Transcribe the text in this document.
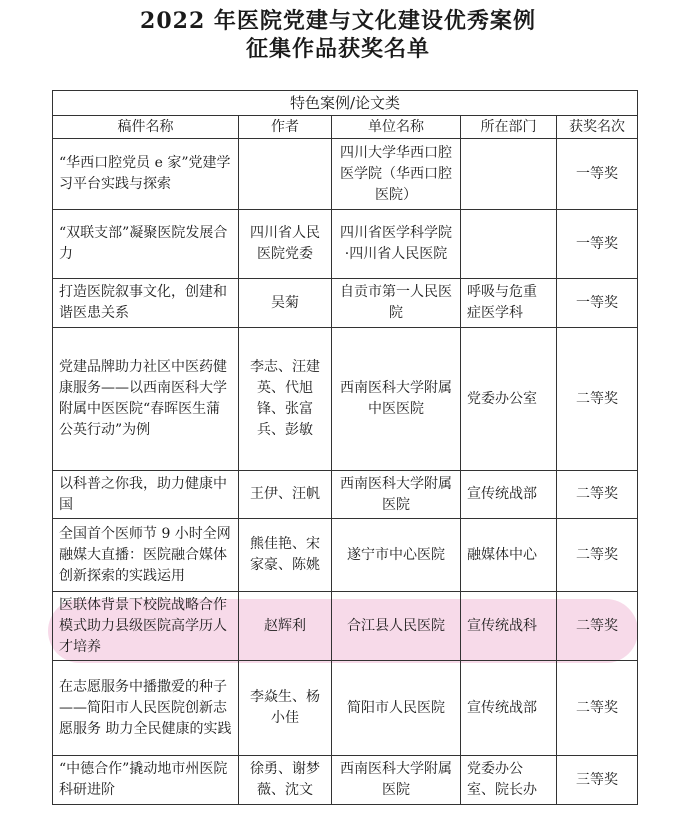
2022 年医院党建与文化建设优秀案例
征集作品获奖名单
特色案例/论文类				
稿件名称	作者	单位名称	所在部门	获奖名次
“华西口腔党员 e 家”党建学习平台实践与探索		四川大学华西口腔医学院（华西口腔医院）		一等奖
“双联支部”凝聚医院发展合力	四川省人民医院党委	四川省医学科学院·四川省人民医院		一等奖
打造医院叙事文化，创建和谐医患关系	吴菊	自贡市第一人民医院	呼吸与危重症医学科	一等奖
党建品牌助力社区中医药健康服务——以西南医科大学附属中医医院“春晖医生蒲公英行动”为例	李志、汪建英、代旭锋、张富兵、彭敏	西南医科大学附属中医医院	党委办公室	二等奖
以科普之你我，助力健康中国	王伊、汪帆	西南医科大学附属医院	宣传统战部	二等奖
全国首个医师节 9 小时全网融媒大直播：医院融合媒体创新探索的实践运用	熊佳艳、宋家豪、陈姚	遂宁市中心医院	融媒体中心	二等奖
医联体背景下校院战略合作模式助力县级医院高学历人才培养	赵辉利	合江县人民医院	宣传统战科	二等奖
在志愿服务中播撒爱的种子——简阳市人民医院创新志愿服务 助力全民健康的实践	李焱生、杨小佳	简阳市人民医院	宣传统战部	二等奖
“中德合作”撬动地市州医院科研进阶	徐勇、谢梦薇、沈文	西南医科大学附属医院	党委办公室、院长办	三等奖
